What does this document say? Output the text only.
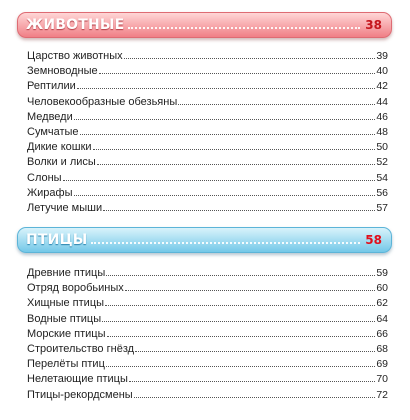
ЖИВОТНЫЕ	38
Царство животных	39
Земноводные	40
Рептилии	42
Человекообразные обезьяны	44
Медведи	46
Сумчатые	48
Дикие кошки	50
Волки и лисы	52
Слоны	54
Жирафы	56
Летучие мыши	57
ПТИЦЫ	58
Древние птицы	59
Отряд воробьиных	60
Хищные птицы	62
Водные птицы	64
Морские птицы	66
Строительство гнёзд	68
Перелёты птиц	69
Нелетающие птицы	70
Птицы-рекордсмены	72
